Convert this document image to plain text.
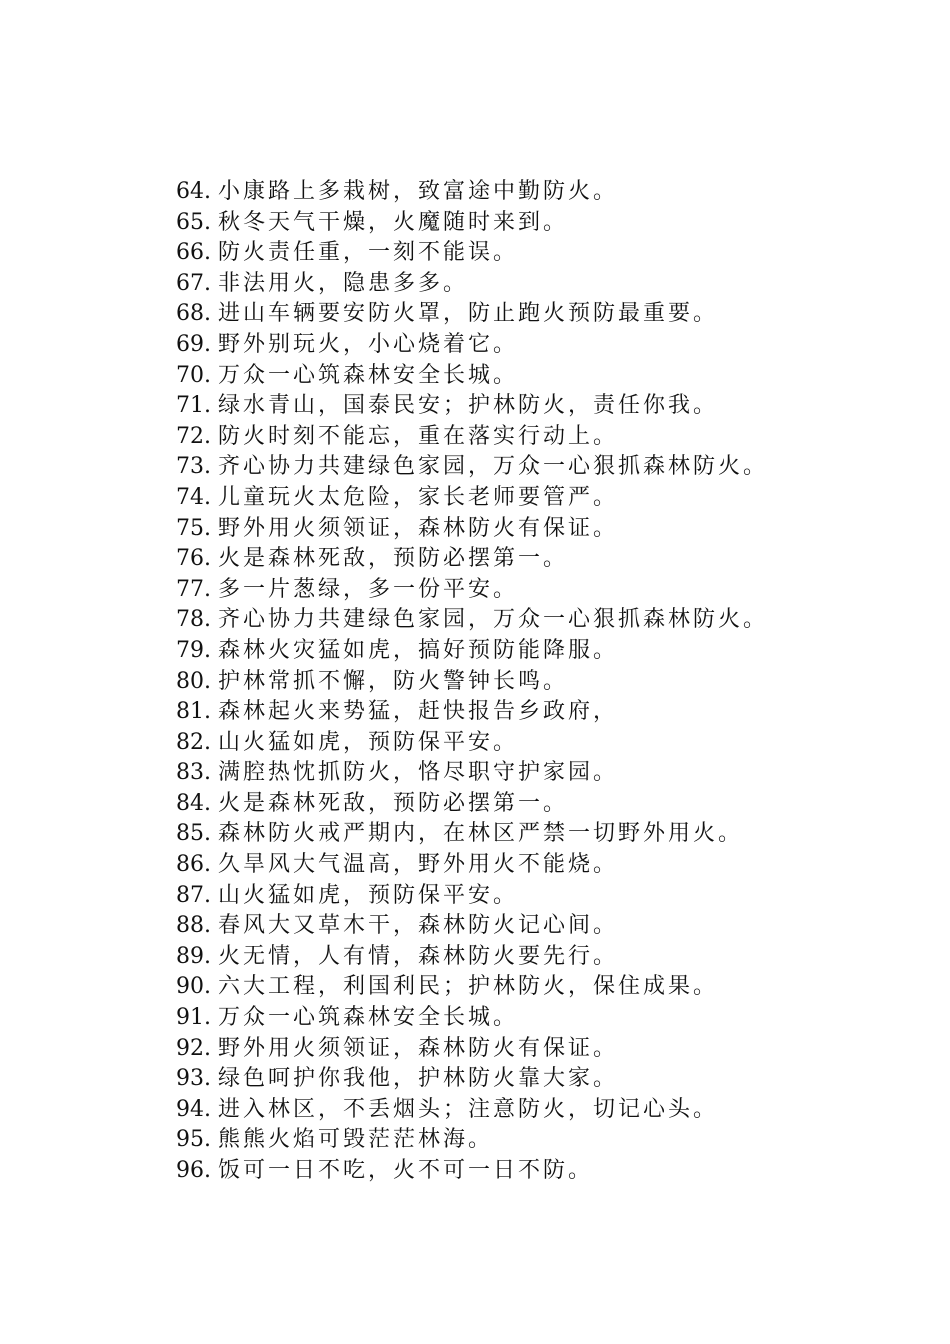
64. 小康路上多栽树，致富途中勤防火。
65. 秋冬天气干燥，火魔随时来到。
66. 防火责任重，一刻不能误。
67. 非法用火，隐患多多。
68. 进山车辆要安防火罩，防止跑火预防最重要。
69. 野外别玩火，小心烧着它。
70. 万众一心筑森林安全长城。
71. 绿水青山，国泰民安；护林防火，责任你我。
72. 防火时刻不能忘，重在落实行动上。
73. 齐心协力共建绿色家园，万众一心狠抓森林防火。
74. 儿童玩火太危险，家长老师要管严。
75. 野外用火须领证，森林防火有保证。
76. 火是森林死敌，预防必摆第一。
77. 多一片葱绿，多一份平安。
78. 齐心协力共建绿色家园，万众一心狠抓森林防火。
79. 森林火灾猛如虎，搞好预防能降服。
80. 护林常抓不懈，防火警钟长鸣。
81. 森林起火来势猛，赶快报告乡政府，
82. 山火猛如虎，预防保平安。
83. 满腔热忱抓防火，恪尽职守护家园。
84. 火是森林死敌，预防必摆第一。
85. 森林防火戒严期内，在林区严禁一切野外用火。
86. 久旱风大气温高，野外用火不能烧。
87. 山火猛如虎，预防保平安。
88. 春风大又草木干，森林防火记心间。
89. 火无情，人有情，森林防火要先行。
90. 六大工程，利国利民；护林防火，保住成果。
91. 万众一心筑森林安全长城。
92. 野外用火须领证，森林防火有保证。
93. 绿色呵护你我他，护林防火靠大家。
94. 进入林区，不丢烟头；注意防火，切记心头。
95. 熊熊火焰可毁茫茫林海。
96. 饭可一日不吃，火不可一日不防。
